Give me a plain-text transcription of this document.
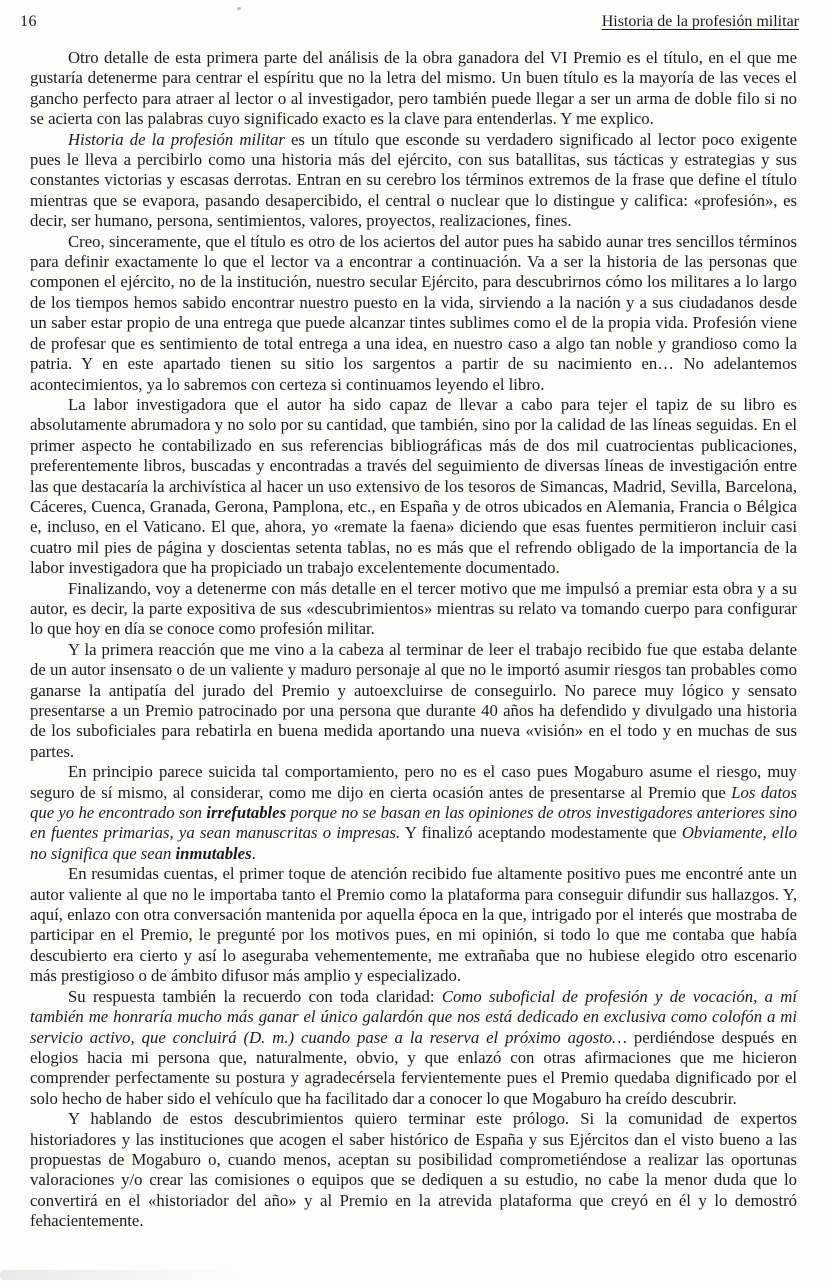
16	Historia de la profesión militar

Otro detalle de esta primera parte del análisis de la obra ganadora del VI Premio es el título, en el que me gustaría detenerme para centrar el espíritu que no la letra del mismo. Un buen título es la mayoría de las veces el gancho perfecto para atraer al lector o al investigador, pero también puede llegar a ser un arma de doble filo si no se acierta con las palabras cuyo significado exacto es la clave para entenderlas. Y me explico.

Historia de la profesión militar es un título que esconde su verdadero significado al lector poco exigente pues le lleva a percibirlo como una historia más del ejército, con sus batallitas, sus tácticas y estrategias y sus constantes victorias y escasas derrotas. Entran en su cerebro los términos extremos de la frase que define el título mientras que se evapora, pasando desapercibido, el central o nuclear que lo distingue y califica: «profesión», es decir, ser humano, persona, sentimientos, valores, proyectos, realizaciones, fines.

Creo, sinceramente, que el título es otro de los aciertos del autor pues ha sabido aunar tres sencillos términos para definir exactamente lo que el lector va a encontrar a continuación. Va a ser la historia de las personas que componen el ejército, no de la institución, nuestro secular Ejército, para descubrirnos cómo los militares a lo largo de los tiempos hemos sabido encontrar nuestro puesto en la vida, sirviendo a la nación y a sus ciudadanos desde un saber estar propio de una entrega que puede alcanzar tintes sublimes como el de la propia vida. Profesión viene de profesar que es sentimiento de total entrega a una idea, en nuestro caso a algo tan noble y grandioso como la patria. Y en este apartado tienen su sitio los sargentos a partir de su nacimiento en… No adelantemos acontecimientos, ya lo sabremos con certeza si continuamos leyendo el libro.

La labor investigadora que el autor ha sido capaz de llevar a cabo para tejer el tapiz de su libro es absolutamente abrumadora y no solo por su cantidad, que también, sino por la calidad de las líneas seguidas. En el primer aspecto he contabilizado en sus referencias bibliográficas más de dos mil cuatrocientas publicaciones, preferentemente libros, buscadas y encontradas a través del seguimiento de diversas líneas de investigación entre las que destacaría la archivística al hacer un uso extensivo de los tesoros de Simancas, Madrid, Sevilla, Barcelona, Cáceres, Cuenca, Granada, Gerona, Pamplona, etc., en España y de otros ubicados en Alemania, Francia o Bélgica e, incluso, en el Vaticano. El que, ahora, yo «remate la faena» diciendo que esas fuentes permitieron incluir casi cuatro mil pies de página y doscientas setenta tablas, no es más que el refrendo obligado de la importancia de la labor investigadora que ha propiciado un trabajo excelentemente documentado.

Finalizando, voy a detenerme con más detalle en el tercer motivo que me impulsó a premiar esta obra y a su autor, es decir, la parte expositiva de sus «descubrimientos» mientras su relato va tomando cuerpo para configurar lo que hoy en día se conoce como profesión militar.

Y la primera reacción que me vino a la cabeza al terminar de leer el trabajo recibido fue que estaba delante de un autor insensato o de un valiente y maduro personaje al que no le importó asumir riesgos tan probables como ganarse la antipatía del jurado del Premio y autoexcluirse de conseguirlo. No parece muy lógico y sensato presentarse a un Premio patrocinado por una persona que durante 40 años ha defendido y divulgado una historia de los suboficiales para rebatirla en buena medida aportando una nueva «visión» en el todo y en muchas de sus partes.

En principio parece suicida tal comportamiento, pero no es el caso pues Mogaburo asume el riesgo, muy seguro de sí mismo, al considerar, como me dijo en cierta ocasión antes de presentarse al Premio que Los datos que yo he encontrado son irrefutables porque no se basan en las opiniones de otros investigadores anteriores sino en fuentes primarias, ya sean manuscritas o impresas. Y finalizó aceptando modestamente que Obviamente, ello no significa que sean inmutables.

En resumidas cuentas, el primer toque de atención recibido fue altamente positivo pues me encontré ante un autor valiente al que no le importaba tanto el Premio como la plataforma para conseguir difundir sus hallazgos. Y, aquí, enlazo con otra conversación mantenida por aquella época en la que, intrigado por el interés que mostraba de participar en el Premio, le pregunté por los motivos pues, en mi opinión, si todo lo que me contaba que había descubierto era cierto y así lo aseguraba vehementemente, me extrañaba que no hubiese elegido otro escenario más prestigioso o de ámbito difusor más amplio y especializado.

Su respuesta también la recuerdo con toda claridad: Como suboficial de profesión y de vocación, a mí también me honraría mucho más ganar el único galardón que nos está dedicado en exclusiva como colofón a mi servicio activo, que concluirá (D. m.) cuando pase a la reserva el próximo agosto… perdiéndose después en elogios hacia mi persona que, naturalmente, obvio, y que enlazó con otras afirmaciones que me hicieron comprender perfectamente su postura y agradecérsela fervientemente pues el Premio quedaba dignificado por el solo hecho de haber sido el vehículo que ha facilitado dar a conocer lo que Mogaburo ha creído descubrir.

Y hablando de estos descubrimientos quiero terminar este prólogo. Si la comunidad de expertos historiadores y las instituciones que acogen el saber histórico de España y sus Ejércitos dan el visto bueno a las propuestas de Mogaburo o, cuando menos, aceptan su posibilidad comprometiéndose a realizar las oportunas valoraciones y/o crear las comisiones o equipos que se dediquen a su estudio, no cabe la menor duda que lo convertirá en el «historiador del año» y al Premio en la atrevida plataforma que creyó en él y lo demostró fehacientemente.
